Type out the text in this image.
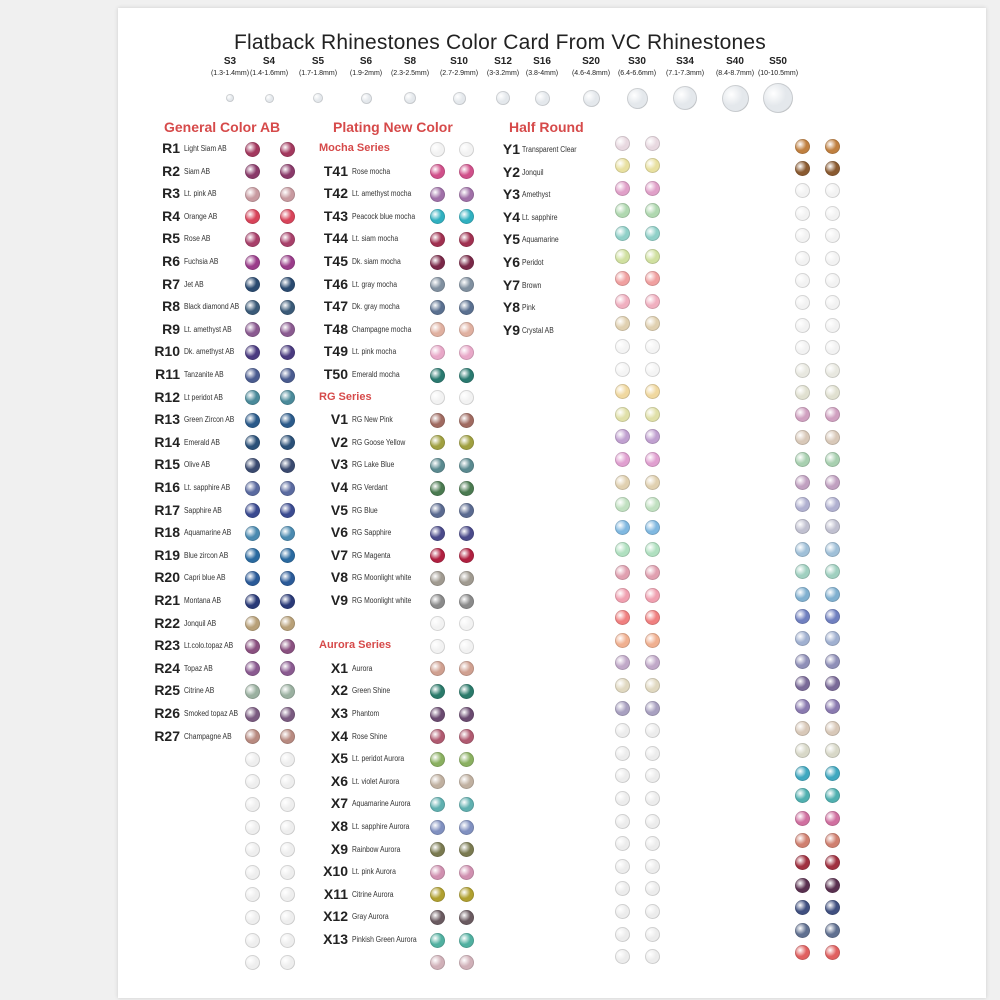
Flatback Rhinestones Color Card From VC Rhinestones
S3
(1.3-1.4mm)
S4
(1.4-1.6mm)
S5
(1.7-1.8mm)
S6
(1.9-2mm)
S8
(2.3-2.5mm)
S10
(2.7-2.9mm)
S12
(3-3.2mm)
S16
(3.8-4mm)
S20
(4.6-4.8mm)
S30
(6.4-6.6mm)
S34
(7.1-7.3mm)
S40
(8.4-8.7mm)
S50
(10-10.5mm)
General Color AB	Plating New Color	Half Round
R1 Light Siam AB
R2 Siam AB
R3 Lt. pink AB
R4 Orange AB
R5 Rose AB
R6 Fuchsia AB
R7 Jet AB
R8 Black diamond AB
R9 Lt. amethyst AB
R10 Dk. amethyst AB
R11 Tanzanite AB
R12 Lt peridot AB
R13 Green Zircon AB
R14 Emerald AB
R15 Olive AB
R16 Lt. sapphire AB
R17 Sapphire AB
R18 Aquamarine AB
R19 Blue zircon AB
R20 Capri blue AB
R21 Montana AB
R22 Jonquil AB
R23 Lt.colo.topaz AB
R24 Topaz AB
R25 Citrine AB
R26 Smoked topaz AB
R27 Champagne AB
Mocha Series
T41 Rose mocha
T42 Lt. amethyst mocha
T43 Peacock blue mocha
T44 Lt. siam mocha
T45 Dk. siam mocha
T46 Lt. gray mocha
T47 Dk. gray mocha
T48 Champagne mocha
T49 Lt. pink mocha
T50 Emerald mocha
RG Series
V1 RG New Pink
V2 RG Goose Yellow
V3 RG Lake Blue
V4 RG Verdant
V5 RG Blue
V6 RG Sapphire
V7 RG Magenta
V8 RG Moonlight white
V9 RG Moonlight white
Aurora Series
X1 Aurora
X2 Green Shine
X3 Phantom
X4 Rose Shine
X5 Lt. peridot Aurora
X6 Lt. violet Aurora
X7 Aquamarine Aurora
X8 Lt. sapphire Aurora
X9 Rainbow Aurora
X10 Lt. pink Aurora
X11 Citrine Aurora
X12 Gray Aurora
X13 Pinkish Green Aurora
Y1 Transparent Clear
Y2 Jonquil
Y3 Amethyst
Y4 Lt. sapphire
Y5 Aquamarine
Y6 Peridot
Y7 Brown
Y8 Pink
Y9 Crystal AB
